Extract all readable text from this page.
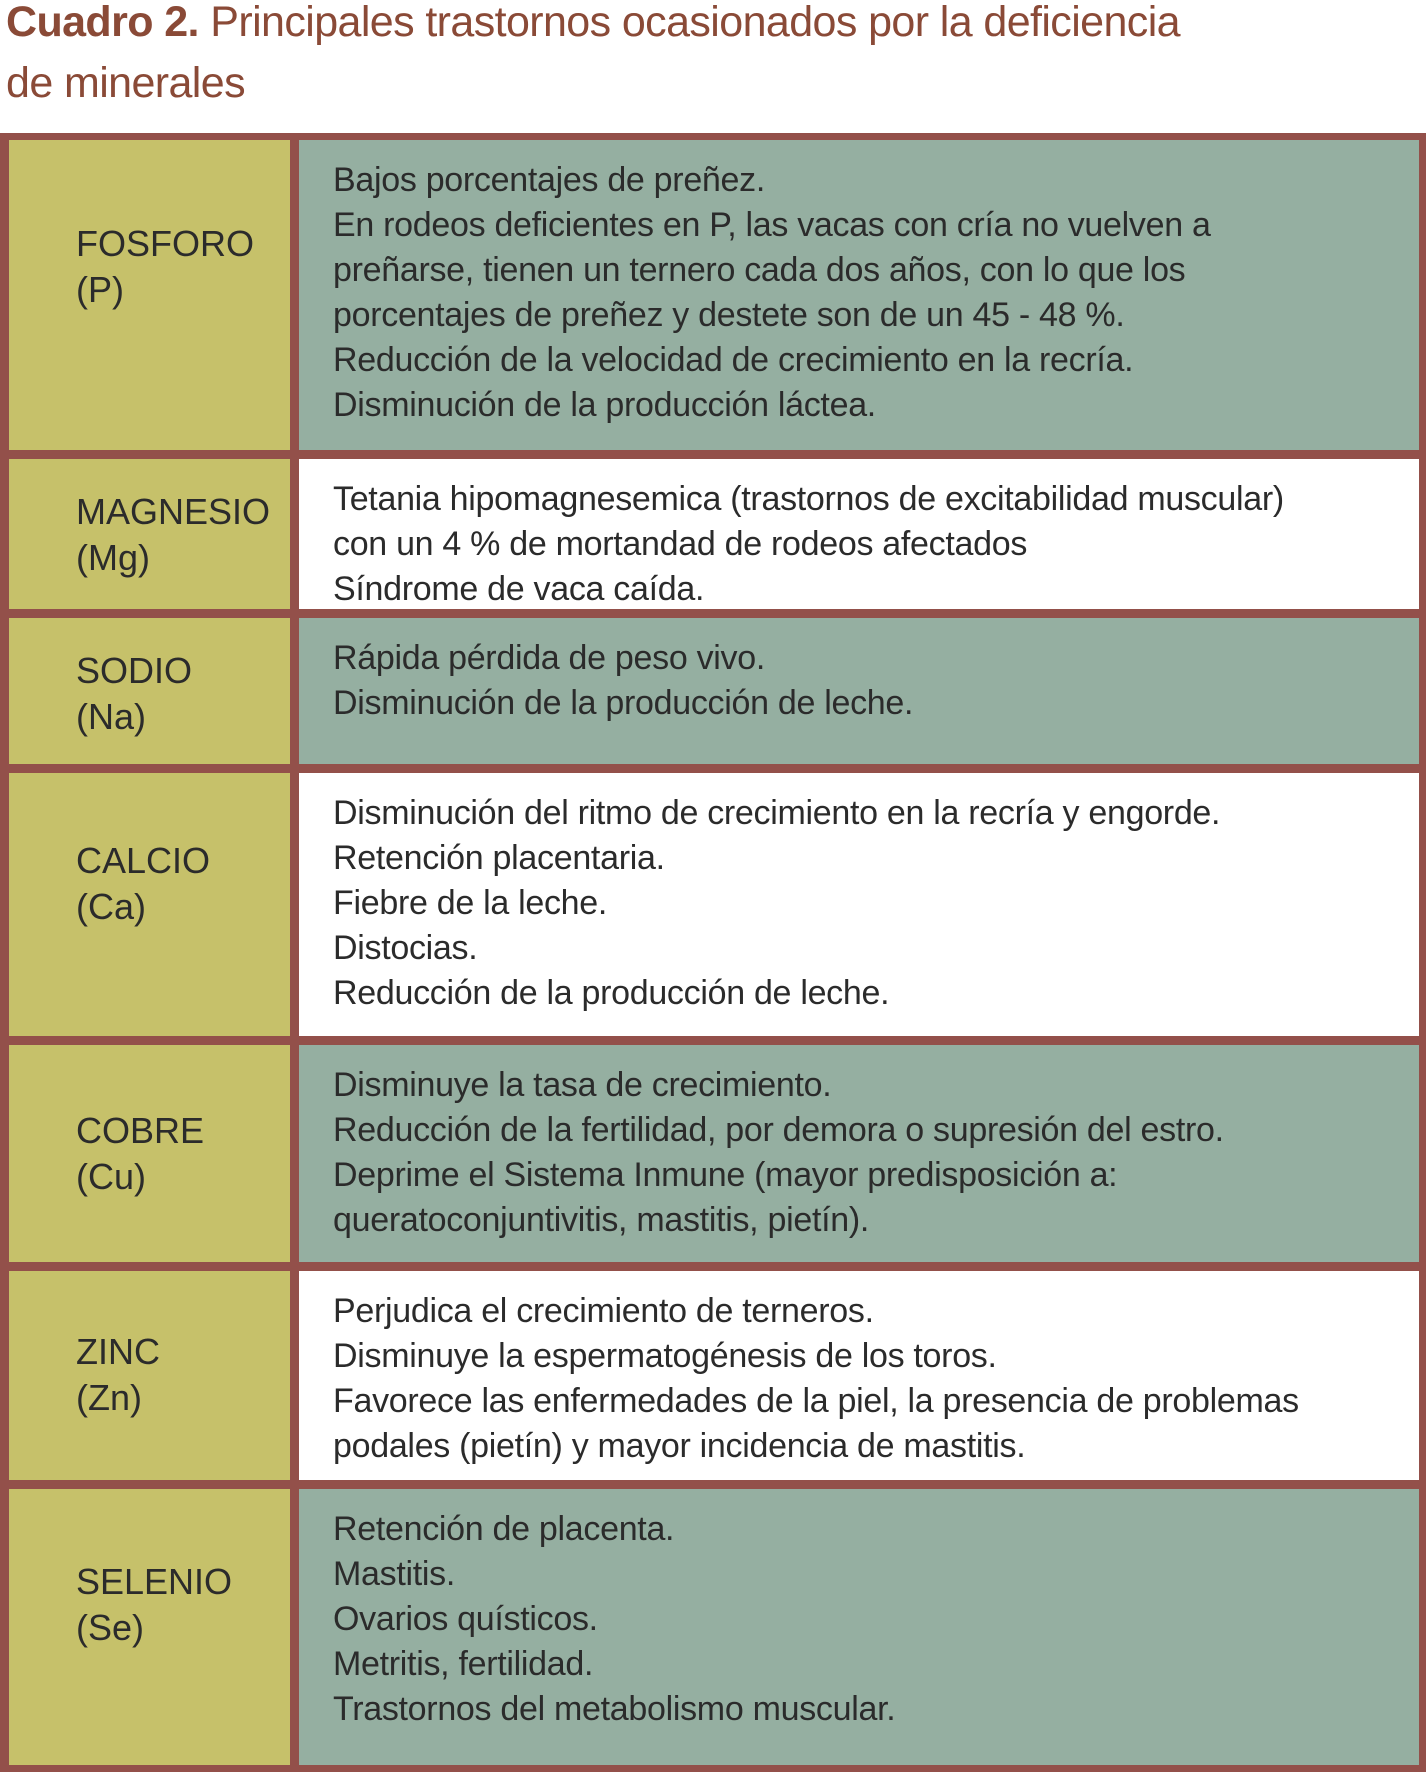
Cuadro 2. Principales trastornos ocasionados por la deficiencia
de minerales
FOSFORO
(P)
Bajos porcentajes de preñez.
En rodeos deficientes en P, las vacas con cría no vuelven a
preñarse, tienen un ternero cada dos años, con lo que los
porcentajes de preñez y destete son de un 45 - 48 %.
Reducción de la velocidad de crecimiento en la recría.
Disminución de la producción láctea.
MAGNESIO
(Mg)
Tetania hipomagnesemica (trastornos de excitabilidad muscular)
con un 4 % de mortandad de rodeos afectados
Síndrome de vaca caída.
SODIO
(Na)
Rápida pérdida de peso vivo.
Disminución de la producción de leche.
CALCIO
(Ca)
Disminución del ritmo de crecimiento en la recría y engorde.
Retención placentaria.
Fiebre de la leche.
Distocias.
Reducción de la producción de leche.
COBRE
(Cu)
Disminuye la tasa de crecimiento.
Reducción de la fertilidad, por demora o supresión del estro.
Deprime el Sistema Inmune (mayor predisposición a:
queratoconjuntivitis, mastitis, pietín).
ZINC
(Zn)
Perjudica el crecimiento de terneros.
Disminuye la espermatogénesis de los toros.
Favorece las enfermedades de la piel, la presencia de problemas
podales (pietín) y mayor incidencia de mastitis.
SELENIO
(Se)
Retención de placenta.
Mastitis.
Ovarios quísticos.
Metritis, fertilidad.
Trastornos del metabolismo muscular.
